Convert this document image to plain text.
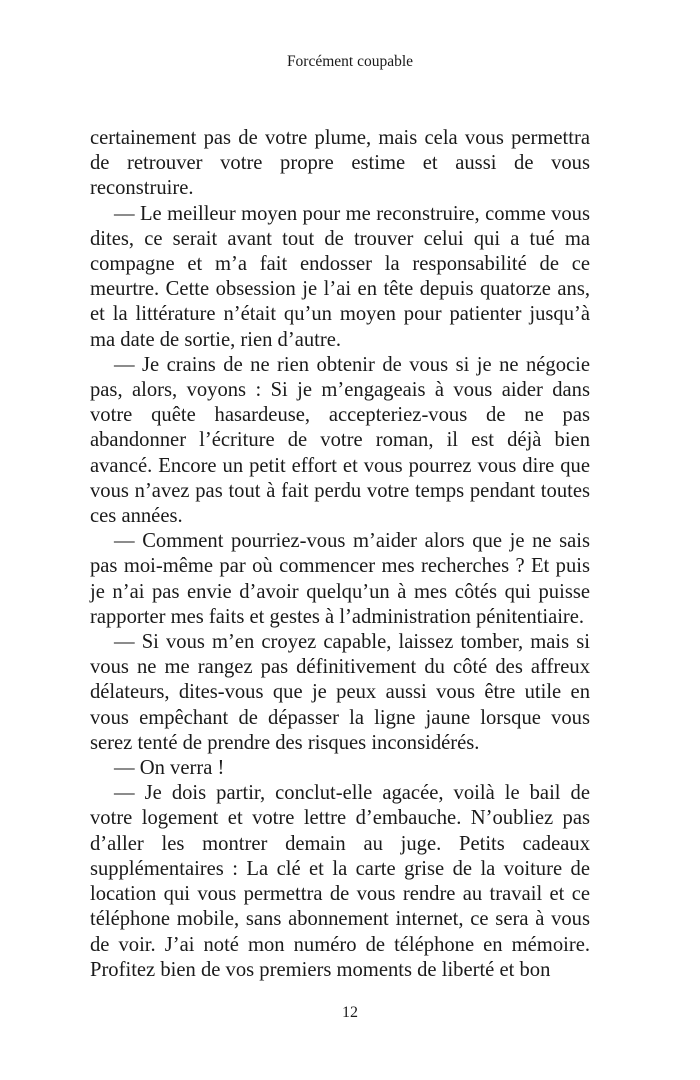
Forcément coupable

certainement pas de votre plume, mais cela vous permettra de retrouver votre propre estime et aussi de vous reconstruire.

— Le meilleur moyen pour me reconstruire, comme vous dites, ce serait avant tout de trouver celui qui a tué ma compagne et m’a fait endosser la responsabilité de ce meurtre. Cette obsession je l’ai en tête depuis quatorze ans, et la littérature n’était qu’un moyen pour patienter jusqu’à ma date de sortie, rien d’autre.

— Je crains de ne rien obtenir de vous si je ne négocie pas, alors, voyons : Si je m’engageais à vous aider dans votre quête hasardeuse, accepteriez-vous de ne pas abandonner l’écriture de votre roman, il est déjà bien avancé. Encore un petit effort et vous pourrez vous dire que vous n’avez pas tout à fait perdu votre temps pendant toutes ces années.

— Comment pourriez-vous m’aider alors que je ne sais pas moi-même par où commencer mes recherches ? Et puis je n’ai pas envie d’avoir quelqu’un à mes côtés qui puisse rapporter mes faits et gestes à l’administration pénitentiaire.

— Si vous m’en croyez capable, laissez tomber, mais si vous ne me rangez pas définitivement du côté des affreux délateurs, dites-vous que je peux aussi vous être utile en vous empêchant de dépasser la ligne jaune lorsque vous serez tenté de prendre des risques inconsidérés.

— On verra !

— Je dois partir, conclut-elle agacée, voilà le bail de votre logement et votre lettre d’embauche. N’oubliez pas d’aller les montrer demain au juge. Petits cadeaux supplémentaires : La clé et la carte grise de la voiture de location qui vous permettra de vous rendre au travail et ce téléphone mobile, sans abonnement internet, ce sera à vous de voir. J’ai noté mon numéro de téléphone en mémoire. Profitez bien de vos premiers moments de liberté et bon

12
